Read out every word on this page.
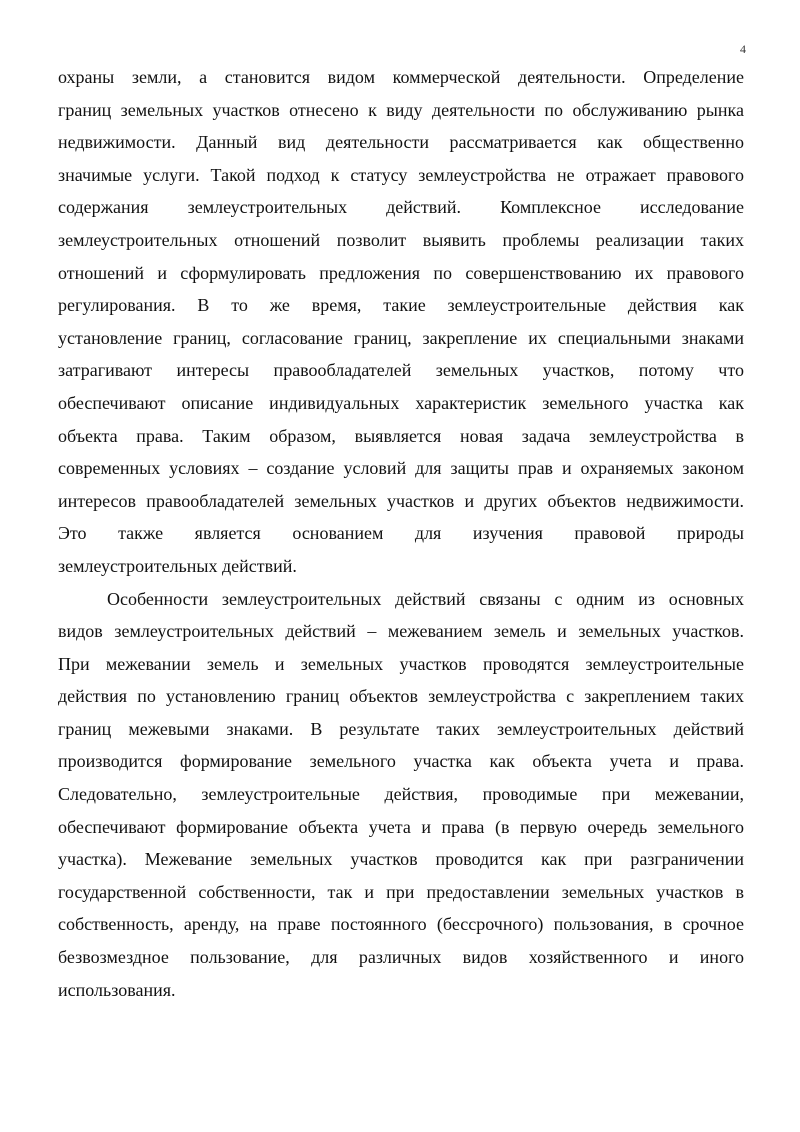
4
охраны земли, а становится видом коммерческой деятельности. Определение
границ земельных участков отнесено к виду деятельности по обслуживанию рынка
недвижимости. Данный вид деятельности рассматривается как общественно
значимые услуги. Такой подход к статусу землеустройства не отражает правового
содержания землеустроительных действий. Комплексное исследование
землеустроительных отношений позволит выявить проблемы реализации таких
отношений и сформулировать предложения по совершенствованию их правового
регулирования. В то же время, такие землеустроительные действия как
установление границ, согласование границ, закрепление их специальными знаками
затрагивают интересы правообладателей земельных участков, потому что
обеспечивают описание индивидуальных характеристик земельного участка как
объекта права. Таким образом, выявляется новая задача землеустройства в
современных условиях – создание условий для защиты прав и охраняемых законом
интересов правообладателей земельных участков и других объектов недвижимости.
Это также является основанием для изучения правовой природы
землеустроительных действий.
Особенности землеустроительных действий связаны с одним из основных
видов землеустроительных действий – межеванием земель и земельных участков.
При межевании земель и земельных участков проводятся землеустроительные
действия по установлению границ объектов землеустройства с закреплением таких
границ межевыми знаками. В результате таких землеустроительных действий
производится формирование земельного участка как объекта учета и права.
Следовательно, землеустроительные действия, проводимые при межевании,
обеспечивают формирование объекта учета и права (в первую очередь земельного
участка). Межевание земельных участков проводится как при разграничении
государственной собственности, так и при предоставлении земельных участков в
собственность, аренду, на праве постоянного (бессрочного) пользования, в срочное
безвозмездное пользование, для различных видов хозяйственного и иного
использования.
